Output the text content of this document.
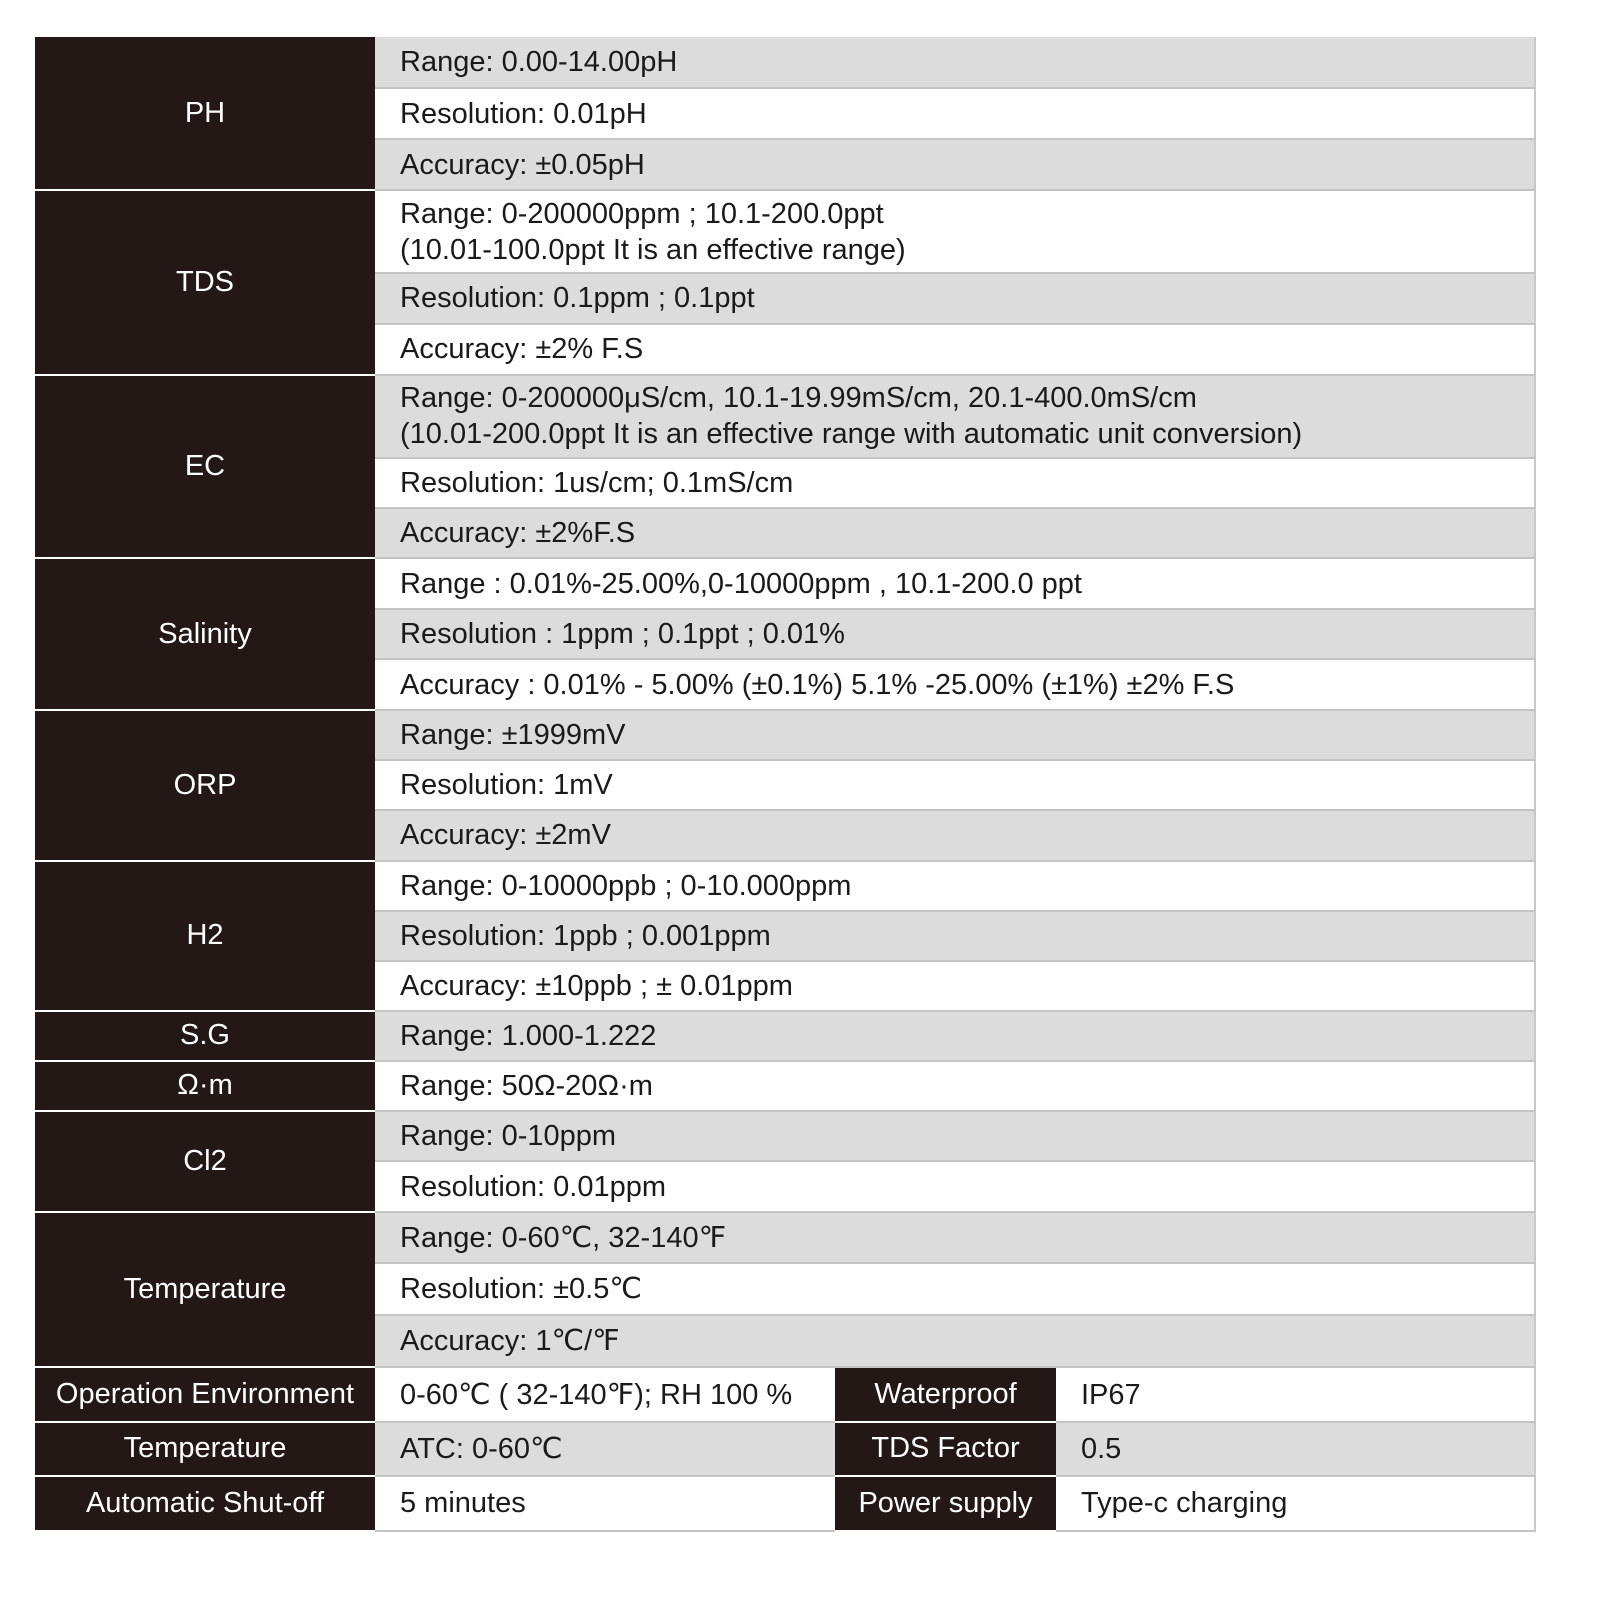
PH	Range: 0.00-14.00pH		
	Resolution: 0.01pH		
	Accuracy: ±0.05pH		
TDS	Range: 0-200000ppm ; 10.1-200.0ppt
(10.01-100.0ppt It is an effective range)		

	Resolution: 0.1ppm ; 0.1ppt		
	Accuracy: ±2% F.S		
EC	Range: 0-200000μS/cm, 10.1-19.99mS/cm, 20.1-400.0mS/cm
(10.01-200.0ppt It is an effective range with automatic unit conversion)		

	Resolution: 1us/cm; 0.1mS/cm		
	Accuracy: ±2%F.S		
Salinity	Range : 0.01%-25.00%,0-10000ppm , 10.1-200.0 ppt		
	Resolution : 1ppm ; 0.1ppt ; 0.01%		
	Accuracy : 0.01% - 5.00% (±0.1%) 5.1% -25.00% (±1%) ±2% F.S		
ORP	Range: ±1999mV		
	Resolution: 1mV		
	Accuracy: ±2mV		
H2	Range: 0-10000ppb ; 0-10.000ppm		
	Resolution: 1ppb ; 0.001ppm		
	Accuracy: ±10ppb ; ± 0.01ppm		
S.G	Range: 1.000-1.222		
Ω·m	Range: 50Ω-20Ω·m		
Cl2	Range: 0-10ppm		
	Resolution: 0.01ppm		
Temperature	Range: 0-60℃, 32-140℉		
	Resolution: ±0.5℃		
	Accuracy: 1℃/℉		
Operation Environment	0-60℃ ( 32-140℉); RH 100 %	Waterproof	IP67
Temperature	ATC: 0-60℃	TDS Factor	0.5
Automatic Shut-off	5 minutes	Power supply	Type-c charging
